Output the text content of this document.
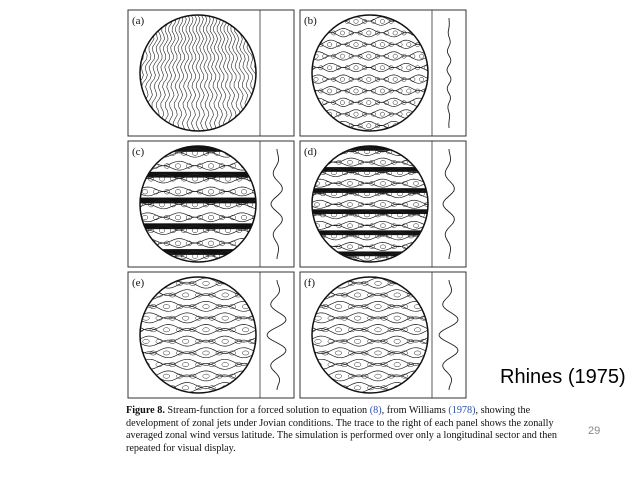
(a)	(b)
(c)	(d)
(e)	(f)
Figure 8. Stream-function for a forced solution to equation (8), from Williams (1978), showing the development of zonal jets under Jovian conditions. The trace to the right of each panel shows the zonally averaged zonal wind versus latitude. The simulation is performed over only a longitudinal sector and then repeated for visual display.
Rhines (1975)
29
